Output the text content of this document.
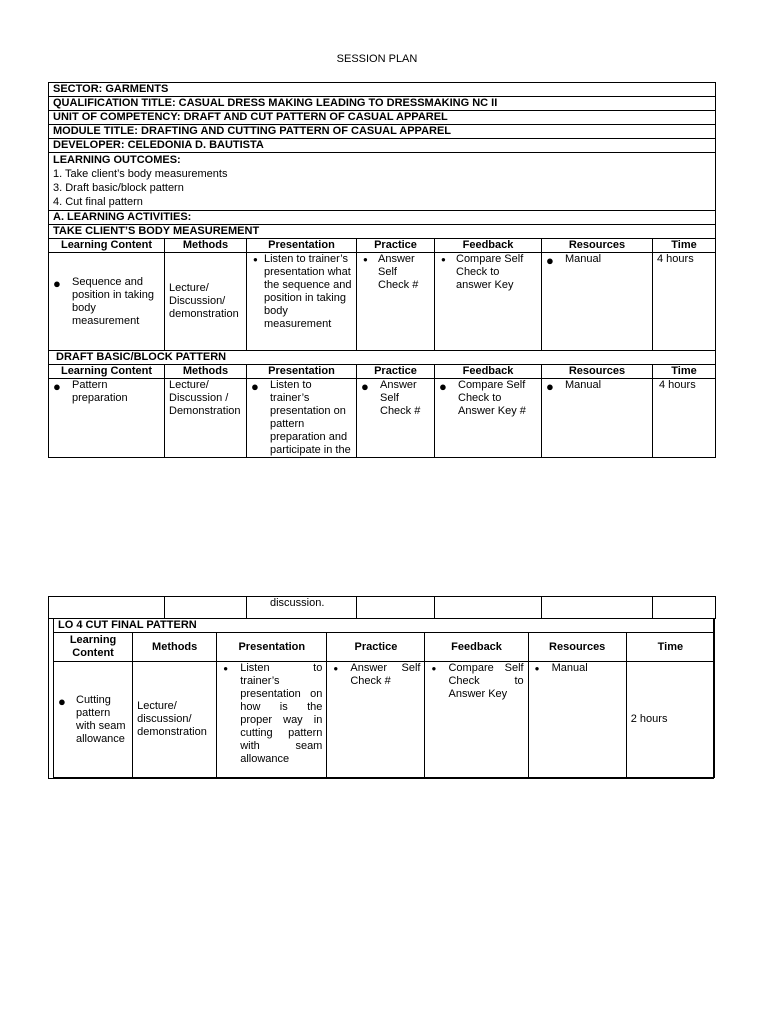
SESSION PLAN
SECTOR: GARMENTS						
QUALIFICATION TITLE: CASUAL DRESS MAKING LEADING TO DRESSMAKING NC II						
UNIT OF COMPETENCY: DRAFT AND CUT PATTERN OF CASUAL APPAREL						
MODULE TITLE: DRAFTING AND CUTTING PATTERN OF CASUAL APPAREL						
DEVELOPER: CELEDONIA D. BAUTISTA						

LEARNING OUTCOMES:
1. Take client’s body measurements
3. Draft basic/block pattern
4. Cut final pattern						

A. LEARNING ACTIVITIES:						
TAKE CLIENT’S BODY MEASUREMENT						
Learning Content	Methods	Presentation	Practice	Feedback	Resources	Time

● Sequence and position in taking body measurement	Lecture/ Discussion/ demonstration	● Listen to trainer’s presentation what the sequence and position in taking body measurement	● Answer Self Check #	● Compare Self Check to answer Key	● Manual	4 hours
DRAFT BASIC/BLOCK PATTERN						
Learning Content	Methods	Presentation	Practice	Feedback	Resources	Time

● Pattern preparation	Lecture/ Discussion / Demonstration	● Listen to trainer’s presentation on pattern preparation and participate in the	● Answer Self Check #	● Compare Self Check to Answer Key #	● Manual	4 hours
		discussion.				
LO 4 CUT FINAL PATTERN						
Learning Content	Methods	Presentation	Practice	Feedback	Resources	Time

● Cutting pattern with seam allowance	Lecture/ discussion/ demonstration	● Listen to trainer’s presentation on how is the proper way in cutting pattern with seam allowance	● Answer Self Check #	● Compare Self Check to Answer Key	● Manual	2 hours
